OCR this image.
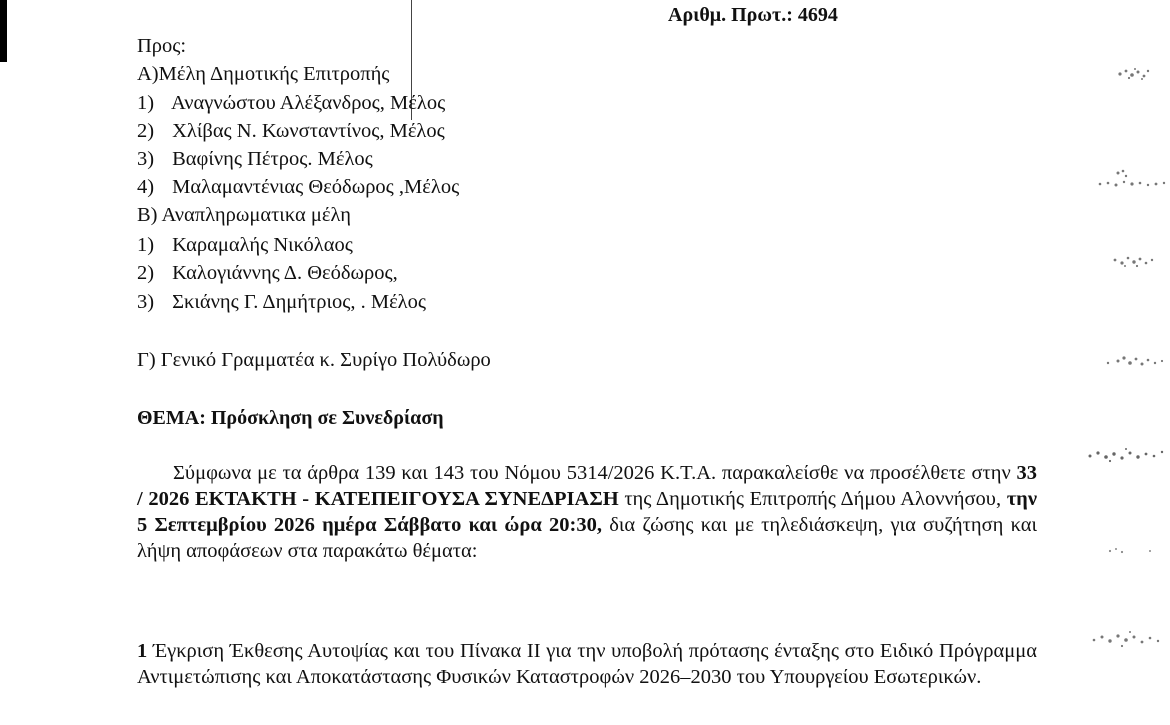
Αριθμ. Πρωτ.: 4694
Προς:
Α)Μέλη Δημοτικής Επιτροπής
1) Αναγνώστου Αλέξανδρος, Μέλος
2) Χλίβας Ν. Κωνσταντίνος, Μέλος
3) Βαφίνης Πέτρος. Μέλος
4) Μαλαμαντένιας Θεόδωρος ,Μέλος
Β) Αναπληρωματικα μέλη
1) Καραμαλής Νικόλαος
2) Καλογιάννης Δ. Θεόδωρος,
3) Σκιάνης Γ. Δημήτριος, . Μέλος
Γ) Γενικό Γραμματέα κ. Συρίγο Πολύδωρο
ΘΕΜΑ: Πρόσκληση σε Συνεδρίαση
Σύμφωνα με τα άρθρα 139 και 143 του Νόμου 5314/2026 Κ.Τ.Α. παρακαλείσθε να προσέλθετε στην 33 / 2026 ΕΚΤΑΚΤΗ - ΚΑΤΕΠΕΙΓΟΥΣΑ ΣΥΝΕΔΡΙΑΣΗ της Δημοτικής Επιτροπής Δήμου Αλοννήσου, την 5 Σεπτεμβρίου 2026 ημέρα Σάββατο και ώρα 20:30, δια ζώσης και με τηλεδιάσκεψη, για συζήτηση και λήψη αποφάσεων στα παρακάτω θέματα:
1 Έγκριση Έκθεσης Αυτοψίας και του Πίνακα ΙΙ για την υποβολή πρότασης ένταξης στο Ειδικό Πρόγραμμα Αντιμετώπισης και Αποκατάστασης Φυσικών Καταστροφών 2026–2030 του Υπουργείου Εσωτερικών.
